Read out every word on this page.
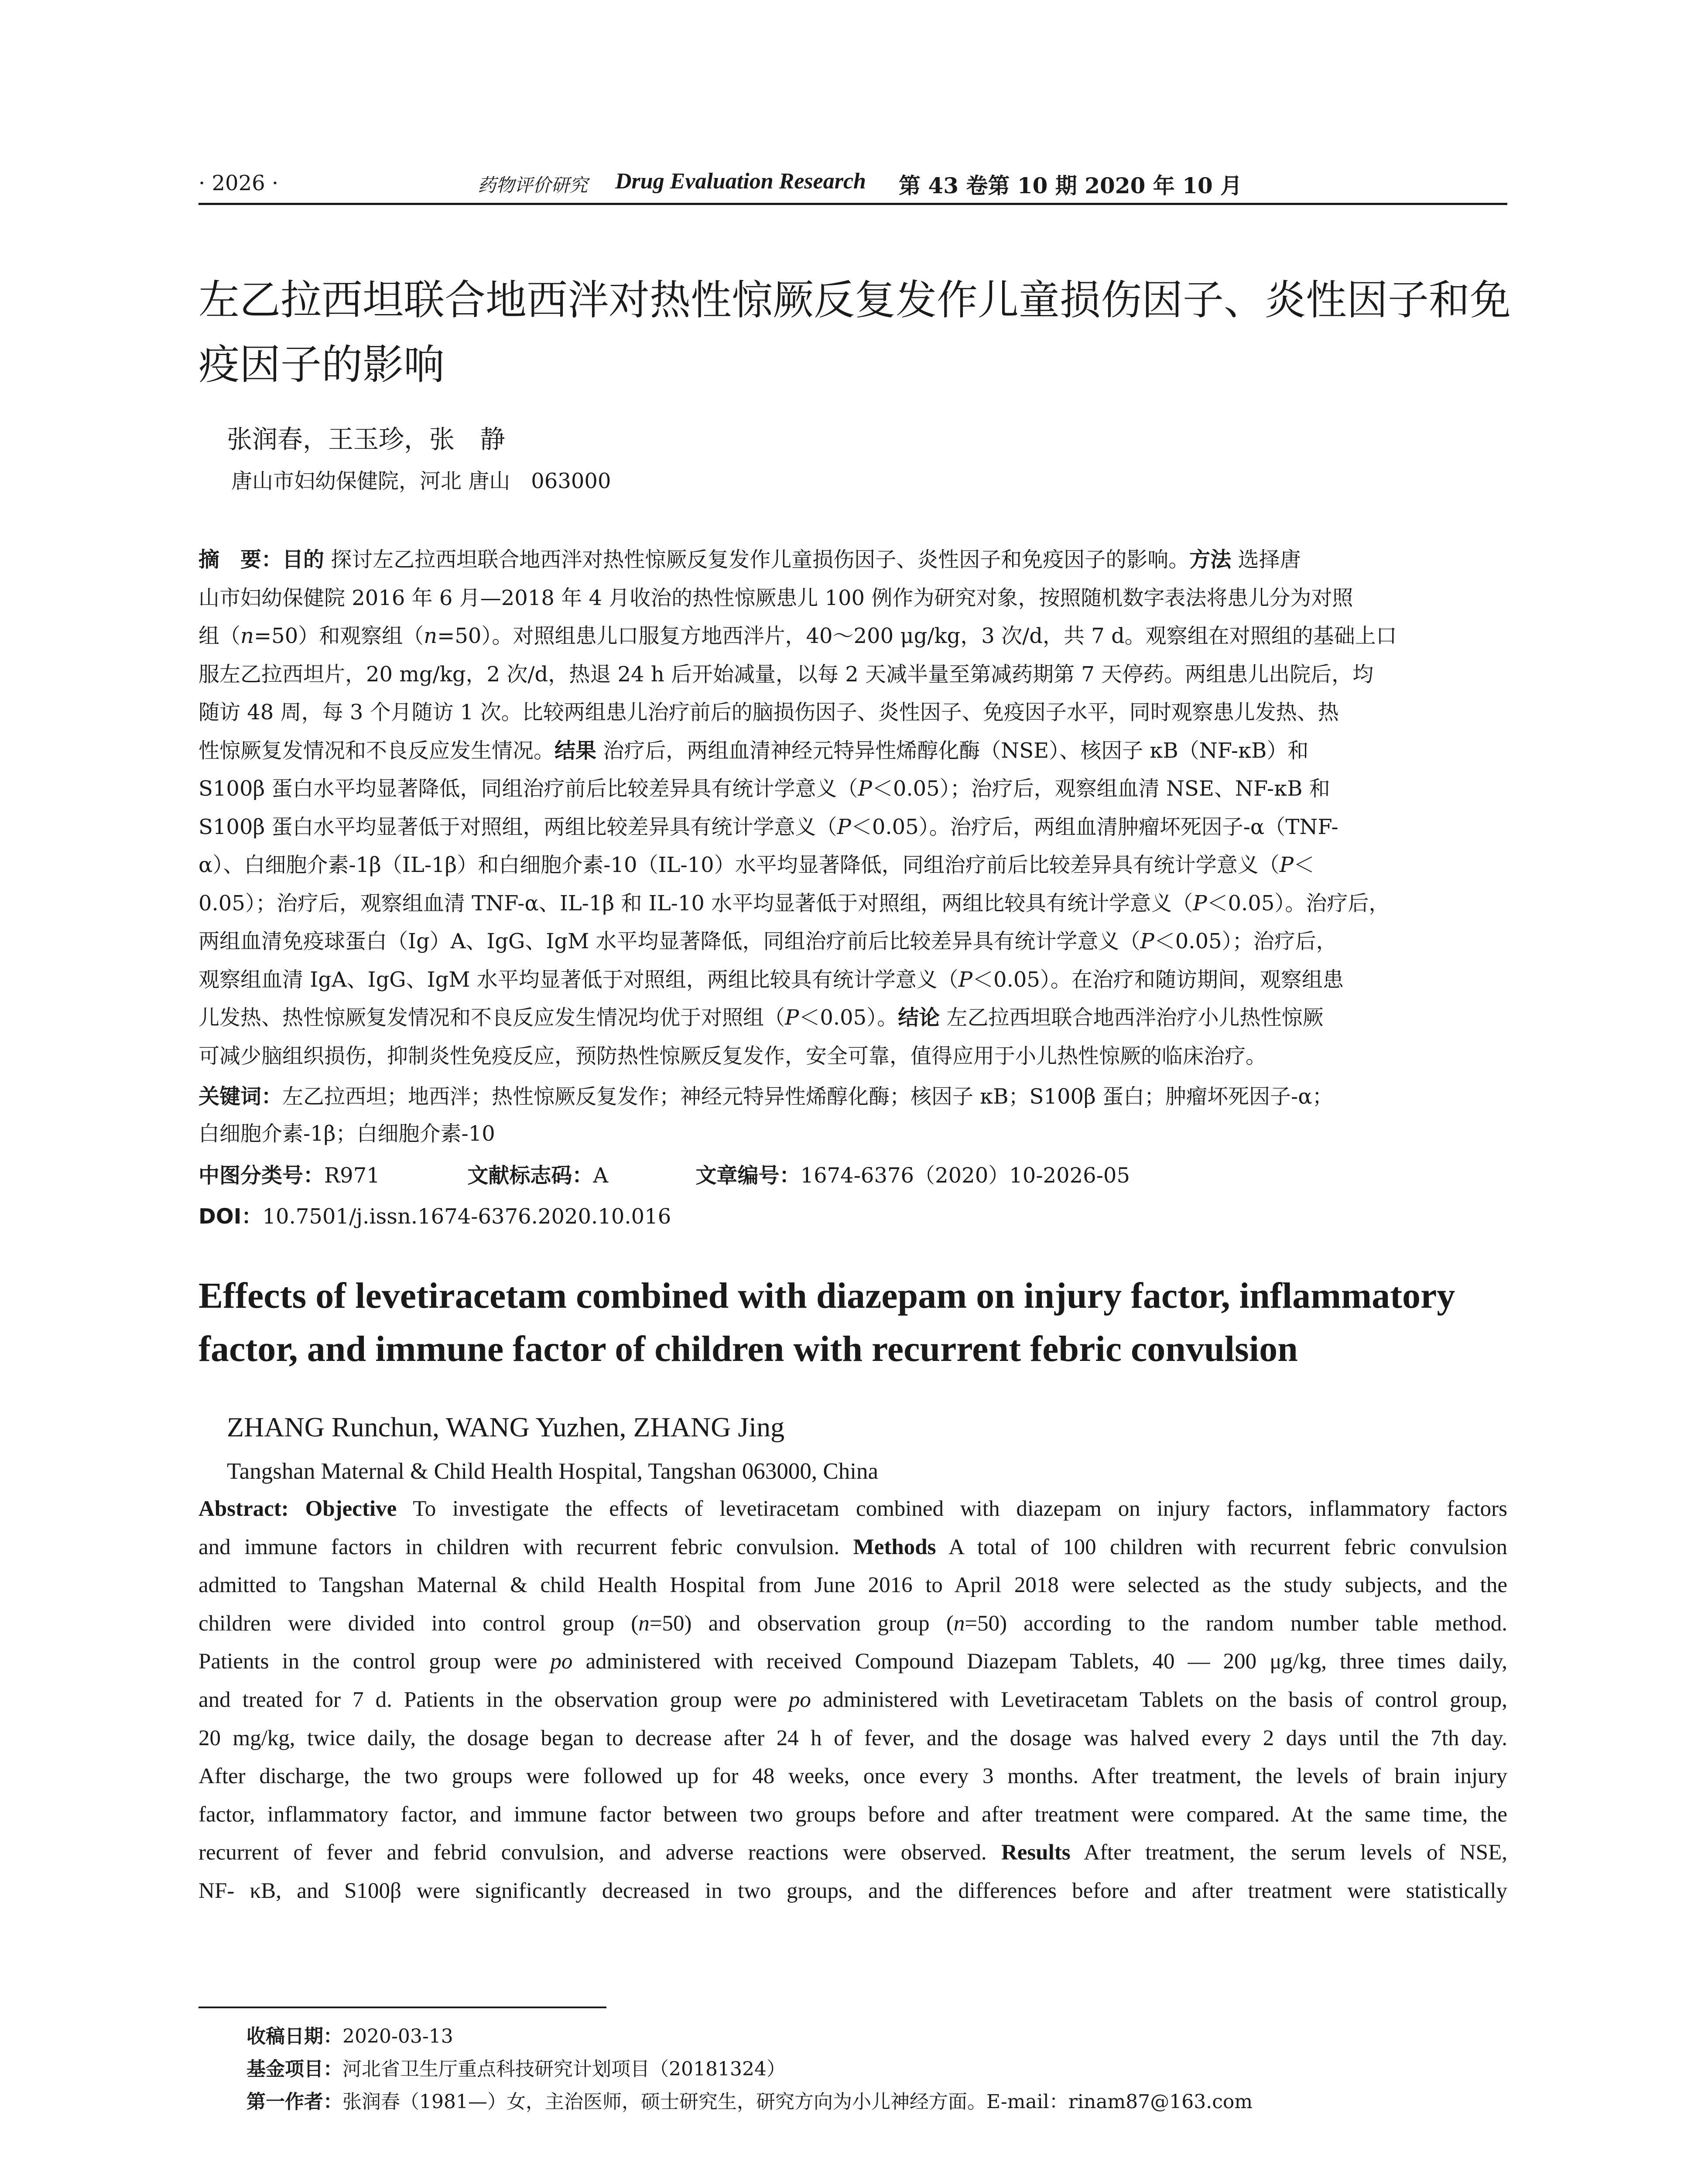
· 2026 ·	药物评价研究 Drug Evaluation Research 第 43 卷第 10 期 2020 年 10 月
左乙拉西坦联合地西泮对热性惊厥反复发作儿童损伤因子、炎性因子和免
疫因子的影响
张润春，王玉珍，张　静
唐山市妇幼保健院，河北 唐山　063000
摘　要：目的 探讨左乙拉西坦联合地西泮对热性惊厥反复发作儿童损伤因子、炎性因子和免疫因子的影响。方法 选择唐
山市妇幼保健院 2016 年 6 月—2018 年 4 月收治的热性惊厥患儿 100 例作为研究对象，按照随机数字表法将患儿分为对照
组（n=50）和观察组（n=50）。对照组患儿口服复方地西泮片，40～200 μg/kg，3 次/d，共 7 d。观察组在对照组的基础上口
服左乙拉西坦片，20 mg/kg，2 次/d，热退 24 h 后开始减量，以每 2 天减半量至第减药期第 7 天停药。两组患儿出院后，均
随访 48 周，每 3 个月随访 1 次。比较两组患儿治疗前后的脑损伤因子、炎性因子、免疫因子水平，同时观察患儿发热、热
性惊厥复发情况和不良反应发生情况。结果 治疗后，两组血清神经元特异性烯醇化酶（NSE）、核因子 κB（NF-κB）和
S100β 蛋白水平均显著降低，同组治疗前后比较差异具有统计学意义（P＜0.05）；治疗后，观察组血清 NSE、NF-κB 和
S100β 蛋白水平均显著低于对照组，两组比较差异具有统计学意义（P＜0.05）。治疗后，两组血清肿瘤坏死因子-α（TNF-
α）、白细胞介素-1β（IL-1β）和白细胞介素-10（IL-10）水平均显著降低，同组治疗前后比较差异具有统计学意义（P＜
0.05）；治疗后，观察组血清 TNF-α、IL-1β 和 IL-10 水平均显著低于对照组，两组比较具有统计学意义（P＜0.05）。治疗后，
两组血清免疫球蛋白（Ig）A、IgG、IgM 水平均显著降低，同组治疗前后比较差异具有统计学意义（P＜0.05）；治疗后，
观察组血清 IgA、IgG、IgM 水平均显著低于对照组，两组比较具有统计学意义（P＜0.05）。在治疗和随访期间，观察组患
儿发热、热性惊厥复发情况和不良反应发生情况均优于对照组（P＜0.05）。结论 左乙拉西坦联合地西泮治疗小儿热性惊厥
可减少脑组织损伤，抑制炎性免疫反应，预防热性惊厥反复发作，安全可靠，值得应用于小儿热性惊厥的临床治疗。
关键词：左乙拉西坦；地西泮；热性惊厥反复发作；神经元特异性烯醇化酶；核因子 κB；S100β 蛋白；肿瘤坏死因子-α；
白细胞介素-1β；白细胞介素-10
中图分类号：R971	文献标志码：A	文章编号：1674-6376（2020）10-2026-05
DOI：10.7501/j.issn.1674-6376.2020.10.016
Effects of levetiracetam combined with diazepam on injury factor, inflammatory
factor, and immune factor of children with recurrent febric convulsion
ZHANG Runchun, WANG Yuzhen, ZHANG Jing
Tangshan Maternal & Child Health Hospital, Tangshan 063000, China
Abstract: Objective To investigate the effects of levetiracetam combined with diazepam on injury factors, inflammatory factors
and immune factors in children with recurrent febric convulsion. Methods A total of 100 children with recurrent febric convulsion
admitted to Tangshan Maternal & child Health Hospital from June 2016 to April 2018 were selected as the study subjects, and the
children were divided into control group (n=50) and observation group (n=50) according to the random number table method.
Patients in the control group were po administered with received Compound Diazepam Tablets, 40 — 200 μg/kg, three times daily,
and treated for 7 d. Patients in the observation group were po administered with Levetiracetam Tablets on the basis of control group,
20 mg/kg, twice daily, the dosage began to decrease after 24 h of fever, and the dosage was halved every 2 days until the 7th day.
After discharge, the two groups were followed up for 48 weeks, once every 3 months. After treatment, the levels of brain injury
factor, inflammatory factor, and immune factor between two groups before and after treatment were compared. At the same time, the
recurrent of fever and febrid convulsion, and adverse reactions were observed. Results After treatment, the serum levels of NSE,
NF- κB, and S100β were significantly decreased in two groups, and the differences before and after treatment were statistically
收稿日期：2020-03-13
基金项目：河北省卫生厅重点科技研究计划项目（20181324）
第一作者：张润春（1981—）女，主治医师，硕士研究生，研究方向为小儿神经方面。E-mail：rinam87@163.com
